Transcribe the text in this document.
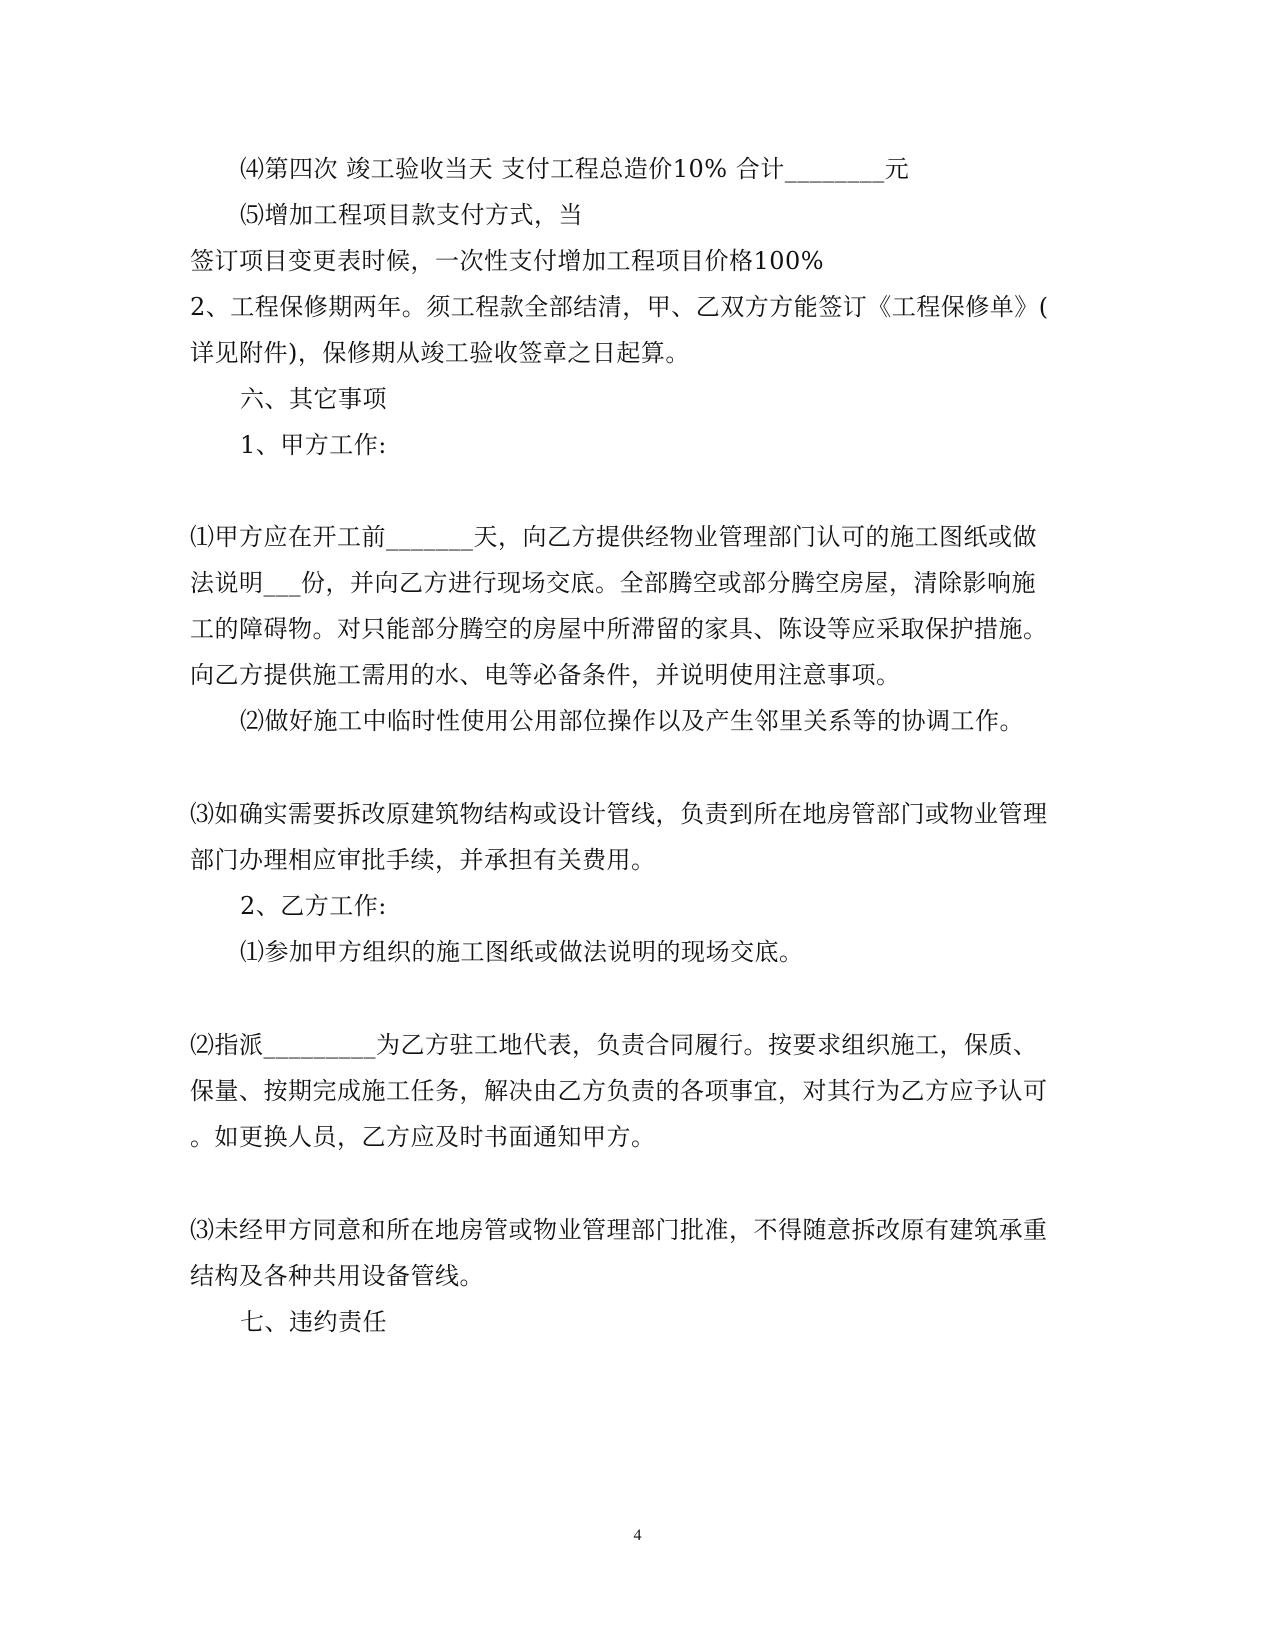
⑷第四次 竣工验收当天 支付工程总造价10% 合计________元
⑸增加工程项目款支付方式，当
签订项目变更表时候，一次性支付增加工程项目价格100%
2、工程保修期两年。须工程款全部结清，甲、乙双方方能签订《工程保修单》(
详见附件)，保修期从竣工验收签章之日起算。
六、其它事项
1、甲方工作:
⑴甲方应在开工前_______天，向乙方提供经物业管理部门认可的施工图纸或做
法说明___份，并向乙方进行现场交底。全部腾空或部分腾空房屋，清除影响施
工的障碍物。对只能部分腾空的房屋中所滞留的家具、陈设等应采取保护措施。
向乙方提供施工需用的水、电等必备条件，并说明使用注意事项。
⑵做好施工中临时性使用公用部位操作以及产生邻里关系等的协调工作。
⑶如确实需要拆改原建筑物结构或设计管线，负责到所在地房管部门或物业管理
部门办理相应审批手续，并承担有关费用。
2、乙方工作:
⑴参加甲方组织的施工图纸或做法说明的现场交底。
⑵指派_________为乙方驻工地代表，负责合同履行。按要求组织施工，保质、
保量、按期完成施工任务，解决由乙方负责的各项事宜，对其行为乙方应予认可
。如更换人员，乙方应及时书面通知甲方。
⑶未经甲方同意和所在地房管或物业管理部门批准，不得随意拆改原有建筑承重
结构及各种共用设备管线。
七、违约责任
4
